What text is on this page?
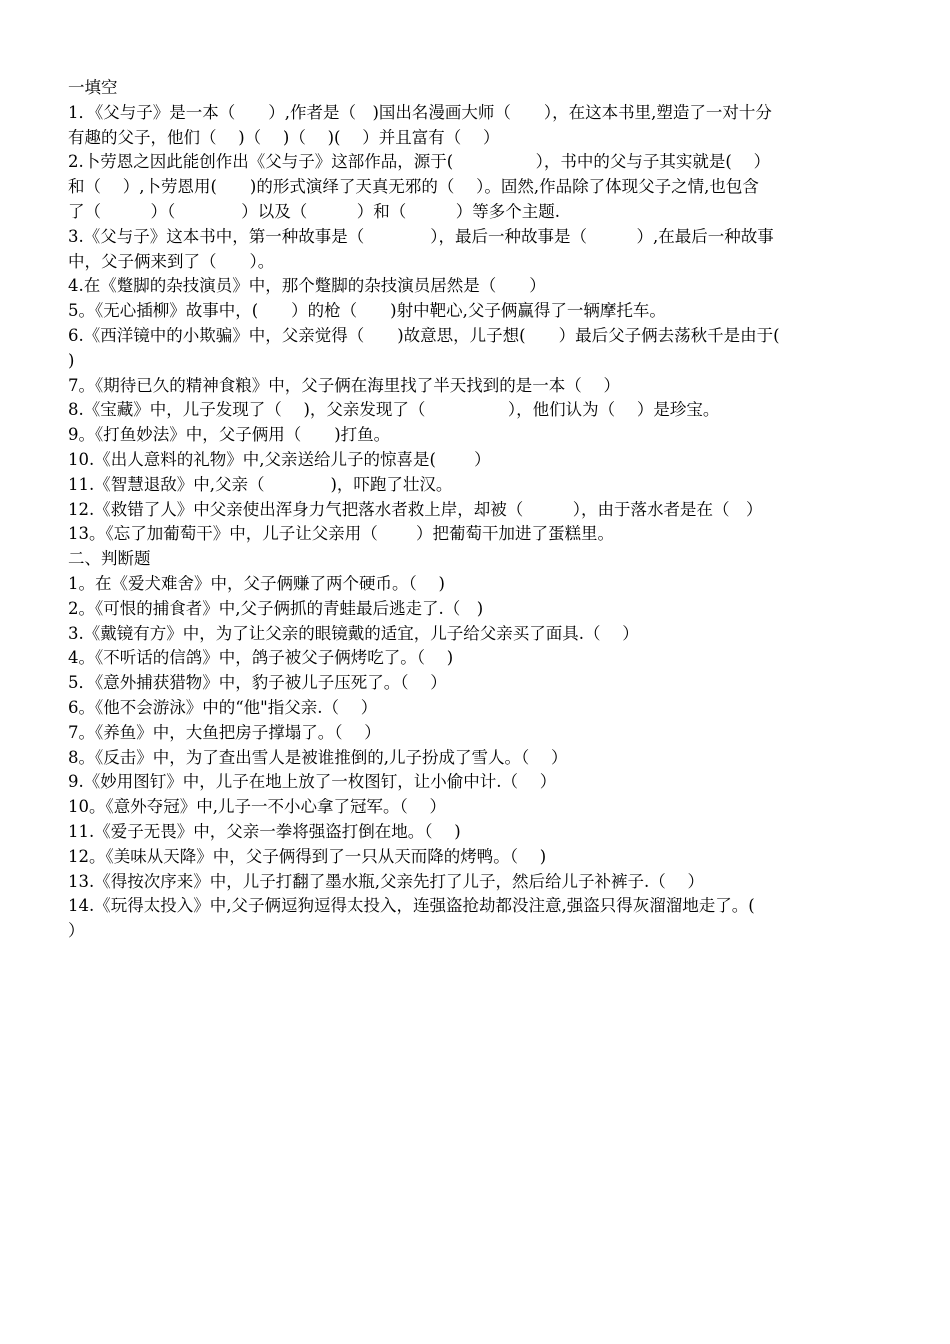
一填空
1．《父与子》是一本（　　）,作者是（　)国出名漫画大师（　　），在这本书里,塑造了一对十分
有趣的父子，他们（　 )（　 )（　 )(　 ）并且富有（　 ）
2.卜劳恩之因此能创作出《父与子》这部作品，源于(　　　　　），书中的父与子其实就是(　 ）
和（　 ）,卜劳恩用(　　)的形式演绎了天真无邪的（　 ）。固然,作品除了体现父子之情,也包含
了（　　　）（　　　　）以及（　　　）和（　　　）等多个主题.
3.《父与子》这本书中，第一种故事是（　　　　），最后一种故事是（　　　）,在最后一种故事
中，父子俩来到了（　　）。
4.在《蹩脚的杂技演员》中，那个蹩脚的杂技演员居然是（　　）
5。《无心插柳》故事中，(　　）的枪（　　)射中靶心,父子俩赢得了一辆摩托车。
6.《西洋镜中的小欺骗》中，父亲觉得（　　)故意思，儿子想(　　）最后父子俩去荡秋千是由于(
)
7。《期待已久的精神食粮》中，父子俩在海里找了半天找到的是一本（　 ）
8.《宝藏》中，儿子发现了（　 )，父亲发现了（　　　　　），他们认为（　 ）是珍宝。
9。《打鱼妙法》中，父子俩用（　　)打鱼。
10.《出人意料的礼物》中,父亲送给儿子的惊喜是(　　 ）
11.《智慧退敌》中,父亲（　　　　)，吓跑了壮汉。
12.《救错了人》中父亲使出浑身力气把落水者救上岸，却被（　　　），由于落水者是在（　）
13。《忘了加葡萄干》中，儿子让父亲用（　　 ）把葡萄干加进了蛋糕里。
二、判断题
1。在《爱犬难舍》中，父子俩赚了两个硬币。（　 )
2。《可恨的捕食者》中,父子俩抓的青蛙最后逃走了.（　)
3.《戴镜有方》中，为了让父亲的眼镜戴的适宜，儿子给父亲买了面具.（　 ）
4。《不听话的信鸽》中，鸽子被父子俩烤吃了。（　 )
5．《意外捕获猎物》中，豹子被儿子压死了。（　 ）
6。《他不会游泳》中的“他"指父亲.（　 ）
7。《养鱼》中，大鱼把房子撑塌了。（　 ）
8。《反击》中，为了查出雪人是被谁推倒的,儿子扮成了雪人。（　 ）
9.《妙用图钉》中，儿子在地上放了一枚图钉，让小偷中计.（　 ）
10。《意外夺冠》中,儿子一不小心拿了冠军。（　 ）
11.《爱子无畏》中，父亲一拳将强盗打倒在地。（　 )
12。《美味从天降》中，父子俩得到了一只从天而降的烤鸭。（　 )
13.《得按次序来》中，儿子打翻了墨水瓶,父亲先打了儿子，然后给儿子补裤子.（　 ）
14.《玩得太投入》中,父子俩逗狗逗得太投入，连强盗抢劫都没注意,强盗只得灰溜溜地走了。(
）
